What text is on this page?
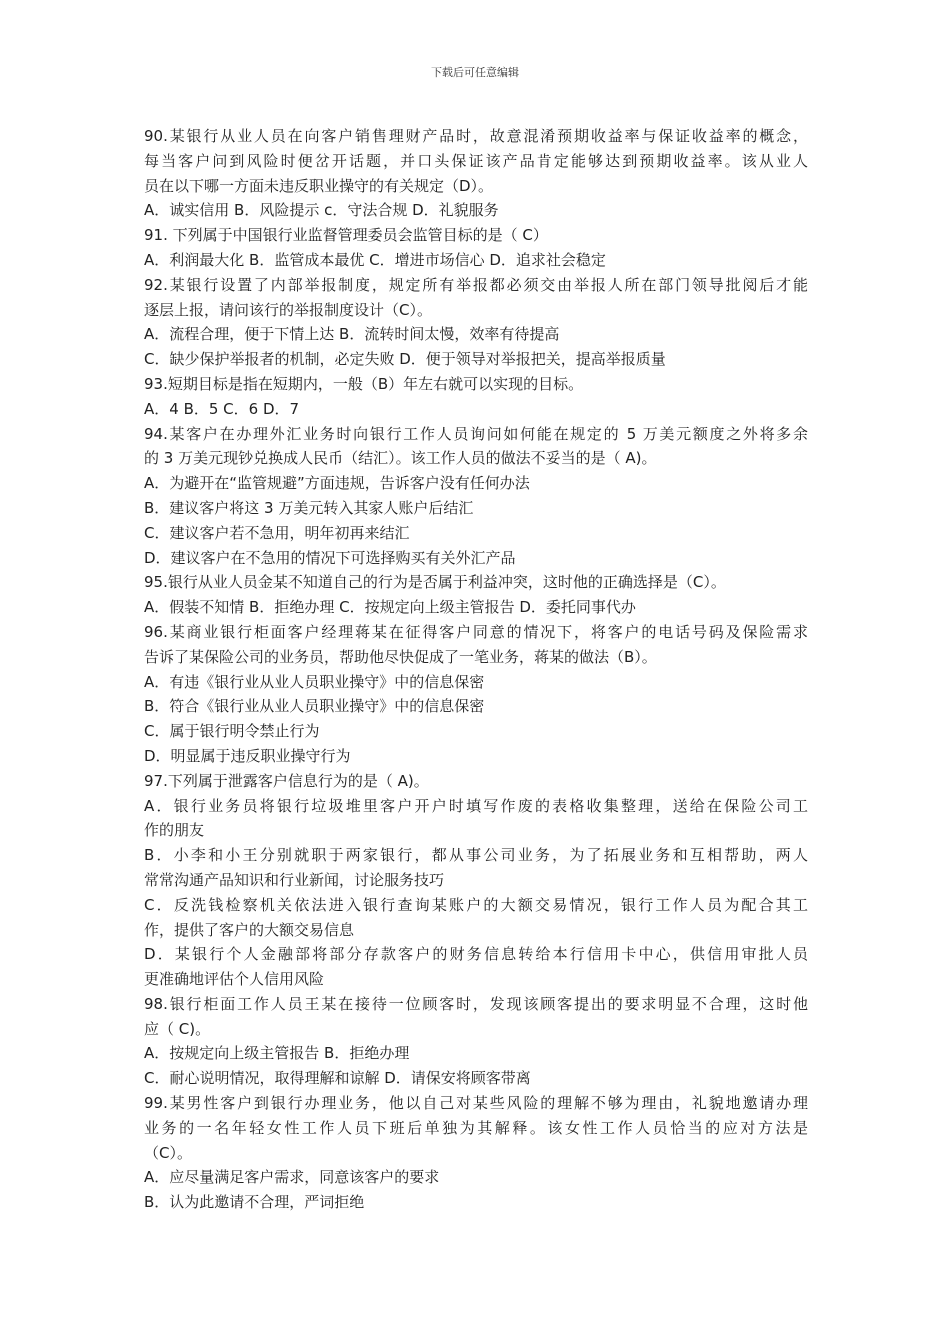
下载后可任意编辑
90.某银行从业人员在向客户销售理财产品时，故意混淆预期收益率与保证收益率的概念，
每当客户问到风险时便岔开话题，并口头保证该产品肯定能够达到预期收益率。该从业人
员在以下哪一方面未违反职业操守的有关规定（D）。
A．诚实信用 B．风险提示 c．守法合规 D．礼貌服务
91. 下列属于中国银行业监督管理委员会监管目标的是（ C）
A．利润最大化 B．监管成本最优 C．增进市场信心 D．追求社会稳定
92.某银行设置了内部举报制度，规定所有举报都必须交由举报人所在部门领导批阅后才能
逐层上报，请问该行的举报制度设计（C）。
A．流程合理，便于下情上达 B．流转时间太慢，效率有待提高
C．缺少保护举报者的机制，必定失败 D．便于领导对举报把关，提高举报质量
93.短期目标是指在短期内，一般（B）年左右就可以实现的目标。
A．4 B．5 C．6 D．7
94.某客户在办理外汇业务时向银行工作人员询问如何能在规定的 5 万美元额度之外将多余
的 3 万美元现钞兑换成人民币（结汇）。该工作人员的做法不妥当的是（ A)。
A．为避开在“监管规避”方面违规，告诉客户没有任何办法
B．建议客户将这 3 万美元转入其家人账户后结汇
C．建议客户若不急用，明年初再来结汇
D．建议客户在不急用的情况下可选择购买有关外汇产品
95.银行从业人员金某不知道自己的行为是否属于利益冲突，这时他的正确选择是（C）。
A．假装不知情 B．拒绝办理 C．按规定向上级主管报告 D．委托同事代办
96.某商业银行柜面客户经理蒋某在征得客户同意的情况下，将客户的电话号码及保险需求
告诉了某保险公司的业务员，帮助他尽快促成了一笔业务，蒋某的做法（B）。
A．有违《银行业从业人员职业操守》中的信息保密
B．符合《银行业从业人员职业操守》中的信息保密
C．属于银行明令禁止行为
D．明显属于违反职业操守行为
97.下列属于泄露客户信息行为的是（ A)。
A．银行业务员将银行垃圾堆里客户开户时填写作废的表格收集整理，送给在保险公司工
作的朋友
B．小李和小王分别就职于两家银行，都从事公司业务，为了拓展业务和互相帮助，两人
常常沟通产品知识和行业新闻，讨论服务技巧
C．反洗钱检察机关依法进入银行查询某账户的大额交易情况，银行工作人员为配合其工
作，提供了客户的大额交易信息
D．某银行个人金融部将部分存款客户的财务信息转给本行信用卡中心，供信用审批人员
更准确地评估个人信用风险
98.银行柜面工作人员王某在接待一位顾客时，发现该顾客提出的要求明显不合理，这时他
应（ C)。
A．按规定向上级主管报告 B．拒绝办理
C．耐心说明情况，取得理解和谅解 D．请保安将顾客带离
99.某男性客户到银行办理业务，他以自己对某些风险的理解不够为理由，礼貌地邀请办理
业务的一名年轻女性工作人员下班后单独为其解释。该女性工作人员恰当的应对方法是
（C）。
A．应尽量满足客户需求，同意该客户的要求
B．认为此邀请不合理，严词拒绝
